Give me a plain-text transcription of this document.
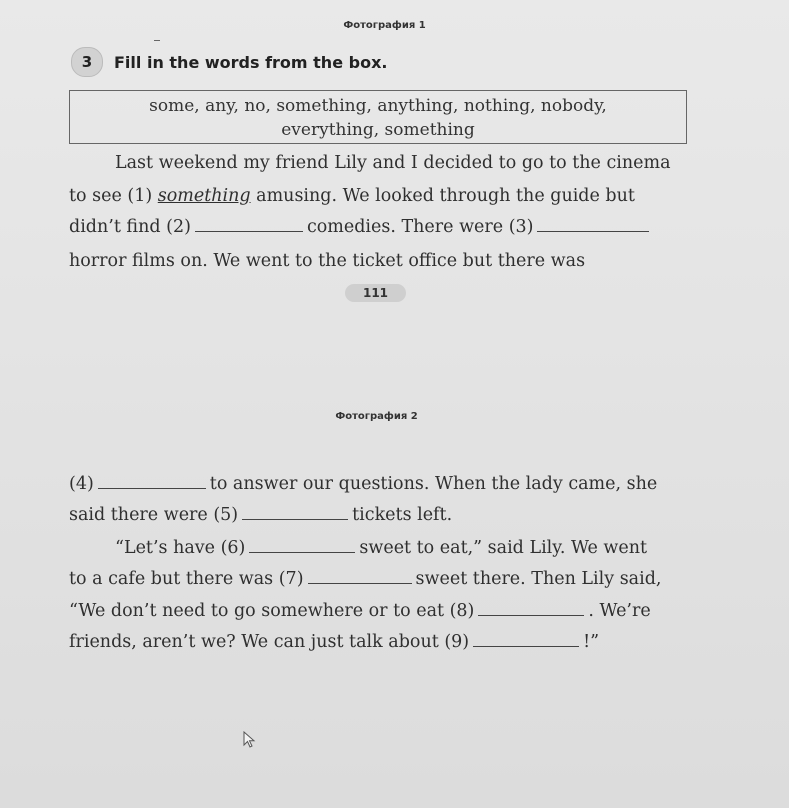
Фотография 1
3	Fill in the words from the box.
some, any, no, something, anything, nothing, nobody,
everything, something
Last weekend my friend Lily and I decided to go to the cinema
to see (1) something amusing. We looked through the guide but
didn’t find (2)	comedies. There were (3)
horror films on. We went to the ticket office but there was
111
Фотография 2
(4)	to answer our questions. When the lady came, she
said there were (5)	tickets left.
“Let’s have (6)	sweet to eat,” said Lily. We went
to a cafe but there was (7)	sweet there. Then Lily said,
“We don’t need to go somewhere or to eat (8)	. We’re
friends, aren’t we? We can just talk about (9)	!”
